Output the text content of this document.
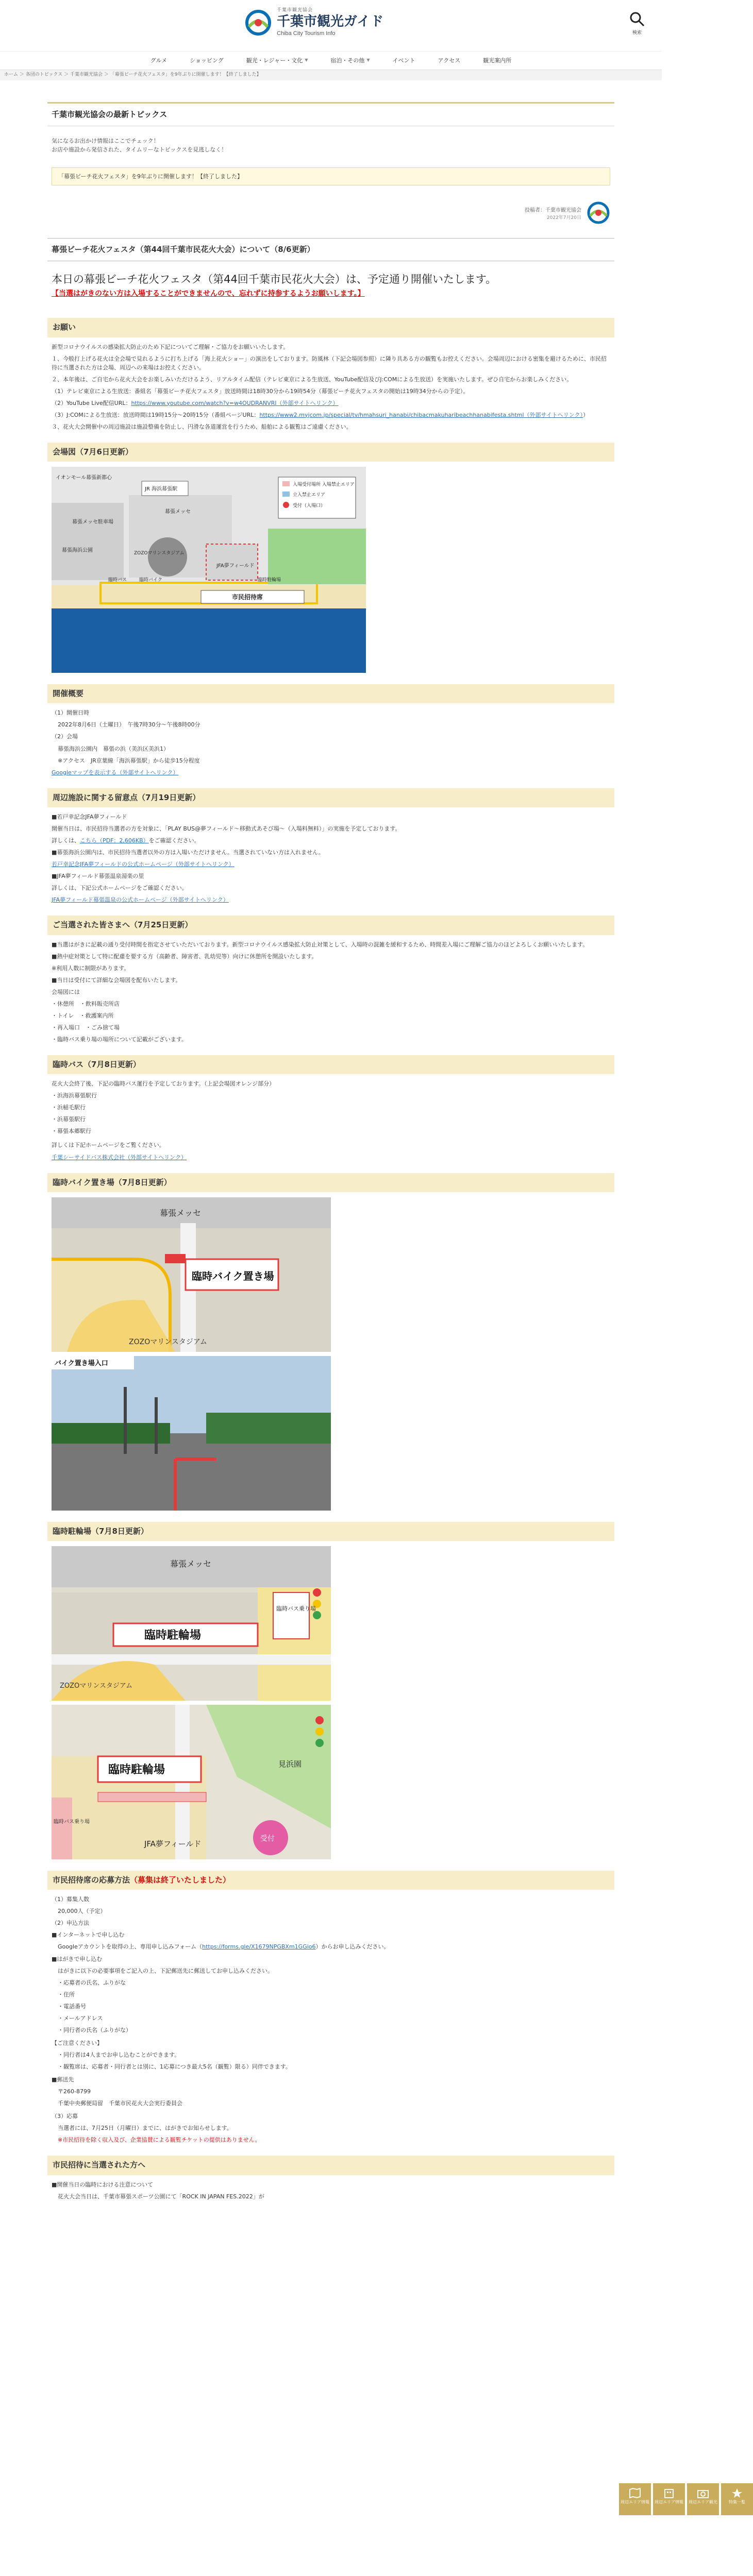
千葉市観光協会
千葉市観光ガイド
Chiba City Tourism Info	検索
グルメ	ショッピング	観光・レジャー・文化 ▼	宿泊・その他 ▼	イベント	アクセス	観光案内所
ホーム ＞ 各団のトピックス ＞ 千葉市観光協会 ＞ 「幕張ビーチ花火フェスタ」を9年ぶりに開催します！【終了しました】
千葉市観光協会の最新トピックス
気になるお出かけ情報はここでチェック！
お店や施設から発信された、タイムリーなトピックスを見逃しなく！
「幕張ビーチ花火フェスタ」を9年ぶりに開催します！【終了しました】
投稿者：千葉市観光協会
2022年7月20日
幕張ビーチ花火フェスタ（第44回千葉市民花火大会）について（8/6更新）
本日の幕張ビーチ花火フェスタ（第44回千葉市民花火大会）は、予定通り開催いたします。
【当選はがきのない方は入場することができませんので、忘れずに持参するようお願いします。】
お願い

新型コロナウイルスの感染拡大防止のため下記についてご理解・ご協力をお願いいたします。

１、今般打上げる花火は全会場で見れるように打ち上げる「海上花火ショー」の演出をしております。防風林（下記会場図参照）に隣り具ある方の観覧もお控えください。会場周辺における密集を避けるために、市民招待に当選された方は会場、周辺への来場はお控えください。

２、本年後は、ご自宅から花火大会をお楽しみいただけるよう、リアルタイム配信（テレビ東京による生放送、YouTube配信及びJ:COMによる生放送）を実施いたします。ぜひ自宅からお楽しみください。

（1）テレビ東京による生放送：番組名「幕張ビーチ花火フェスタ」放送時間は18時30分から19時54分（幕張ビーチ花火フェスタの開始は19時34分からの予定）。

（2）YouTube Live配信URL：https://www.youtube.com/watch?v=w4OUDRANVRI（外部サイトへリンク）

（3）J:COMによる生放送：放送時間は19時15分〜20時15分（番組ページURL：https://www2.myjcom.jp/special/tv/hmahsuri_hanabi/chibacmakuharibeachhanabifesta.shtml（外部サイトへリンク））

３、花火大会開催中の周辺施設は施設整備を防止し、円滑な各道運営を行うため、船舶による観覧はご遠慮ください。

会場図（7月6日更新）
イオンモール幕張新都心
JR 海浜幕張駅
幕張メッセ
幕張メッセ駐車場
幕張海浜公園	ZOZOマリンスタジアム
JFA夢フィールド
市民招待席
入場受付場所 入場禁止エリア
立入禁止エリア
受付（入場口）
臨時バス	臨時バイク	臨時駐輪場
開催概要

（1）開催日時

2022年8月6日（土曜日）　午後7時30分〜午後8時00分

（2）会場

幕張海浜公園内　幕張の浜（美浜区美浜1）

※アクセス　JR京葉線「海浜幕張駅」から徒歩15分程度

Googleマップを表示する（外部サイトへリンク）

周辺施設に関する留意点（7月19日更新）

■若戸幸記念JFA夢フィールド

開催当日は、市民招待当選者の方を対象に、「PLAY BUS@夢フィールド〜移動式あそび場〜（入場料無料）」の実施を予定しております。

詳しくは、こちら（PDF：2,606KB）をご確認ください。

■幕張海浜公園内は、市民招待当選者以外の方は入場いただけません。当選されていない方は入れません。

若戸幸記念JFA夢フィールドの公式ホームページ（外部サイトへリンク）

■JFA夢フィールド幕張温泉湯楽の里

詳しくは、下記公式ホームページをご確認ください。

JFA夢フィールド幕張温泉の公式ホームページ（外部サイトへリンク）

ご当選された皆さまへ（7月25日更新）

■当選はがきに記載の通り受付時間を指定させていただいております。新型コロナウイルス感染拡大防止対策として、入場時の混雑を緩和するため、時間差入場にご理解ご協力のほどよろしくお願いいたします。

■熱中症対策として特に配慮を要する方（高齢者、障害者、乳幼児等）向けに休憩所を開設いたします。

※利用人数に制限があります。

■当日は受付にて詳細な会場図を配布いたします。

会場図には

・休憩所　・飲料販売所店

・トイレ　・救護案内所

・再入場口　・ごみ捨て場

・臨時バス乗り場の場所について記載がございます。

臨時バス（7月8日更新）

花火大会終了後、下記の臨時バス運行を予定しております。（上記会場図オレンジ部分）

・浜海浜幕張駅行

・浜稲毛駅行

・浜幕張駅行

・幕張本郷駅行

詳しくは下記ホームページをご覧ください。

千葉シーサイドバス株式会社（外部サイトへリンク）

臨時バイク置き場（7月8日更新）
幕張メッセ
臨時バイク置き場
ZOZOマリンスタジアム
バイク置き場入口
臨時駐輪場（7月8日更新）
幕張メッセ
臨時駐輪場
臨時バス乗り場
ZOZOマリンスタジアム
臨時駐輪場	見浜園
JFA夢フィールド
受付
臨時バス乗り場
市民招待席の応募方法（募集は終了いたしました）

（1）募集人数

20,000人（予定）

（2）申込方法

■インターネットで申し込む

Googleアカウントを取得の上、専用申し込みフォーム（https://forms.gle/X1679NPGBXm1GGio6）からお申し込みください。

■はがきで申し込む

はがきに以下の必要事項をご記入の上、下記郵送先に郵送してお申し込みください。

・応募者の氏名、ふりがな

・住所

・電話番号

・メールアドレス

・同行者の氏名（ふりがな）

【ご注意ください】

・同行者は4人までお申し込むことができます。

・観覧席は、応募者・同行者とは別に、1応募につき最大5名（観覧）限る）同伴できます。

■郵送先

〒260-8799

千葉中央郵便局留　千葉市民花火大会実行委員会

（3）応募

当選者には、7月25日（月曜日）までに、はがきでお知らせします。

※市民招待を除く収入及び、企業協賛による観覧チケットの提供はありません。

市民招待に当選された方へ

■開催当日の臨時における注意について

花火大会当日は、千葉市幕張スポーツ公園にて「ROCK IN JAPAN FES.2022」が

周辺エリア情報	周辺エリア情報	周辺エリア観光	特集一覧
